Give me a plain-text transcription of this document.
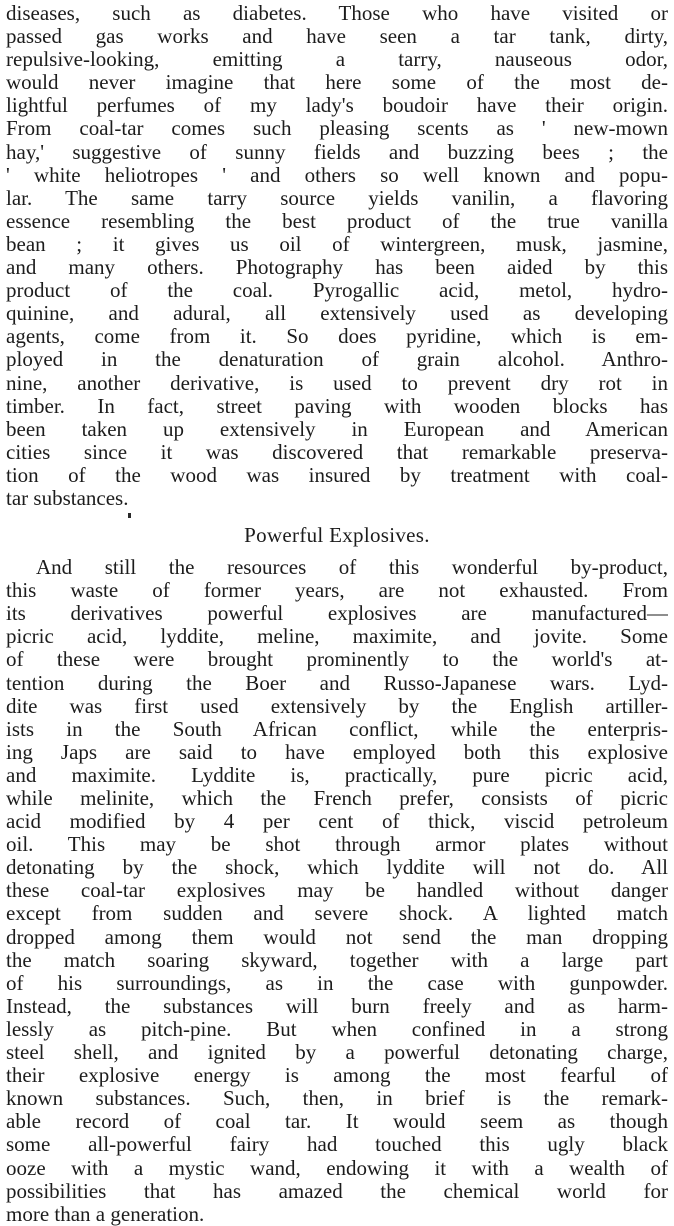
diseases, such as diabetes. Those who have visited or
passed gas works and have seen a tar tank, dirty,
repulsive-looking, emitting a tarry, nauseous odor,
would never imagine that here some of the most de-
lightful perfumes of my lady's boudoir have their origin.
From coal-tar comes such pleasing scents as ' new-mown
hay,' suggestive of sunny fields and buzzing bees ; the
' white heliotropes ' and others so well known and popu-
lar. The same tarry source yields vanilin, a flavoring
essence resembling the best product of the true vanilla
bean ; it gives us oil of wintergreen, musk, jasmine,
and many others. Photography has been aided by this
product of the coal. Pyrogallic acid, metol, hydro-
quinine, and adural, all extensively used as developing
agents, come from it. So does pyridine, which is em-
ployed in the denaturation of grain alcohol. Anthro-
nine, another derivative, is used to prevent dry rot in
timber. In fact, street paving with wooden blocks has
been taken up extensively in European and American
cities since it was discovered that remarkable preserva-
tion of the wood was insured by treatment with coal-
tar substances.
Powerful Explosives.
And still the resources of this wonderful by-product,
this waste of former years, are not exhausted. From
its derivatives powerful explosives are manufactured—
picric acid, lyddite, meline, maximite, and jovite. Some
of these were brought prominently to the world's at-
tention during the Boer and Russo-Japanese wars. Lyd-
dite was first used extensively by the English artiller-
ists in the South African conflict, while the enterpris-
ing Japs are said to have employed both this explosive
and maximite. Lyddite is, practically, pure picric acid,
while melinite, which the French prefer, consists of picric
acid modified by 4 per cent of thick, viscid petroleum
oil. This may be shot through armor plates without
detonating by the shock, which lyddite will not do. All
these coal-tar explosives may be handled without danger
except from sudden and severe shock. A lighted match
dropped among them would not send the man dropping
the match soaring skyward, together with a large part
of his surroundings, as in the case with gunpowder.
Instead, the substances will burn freely and as harm-
lessly as pitch-pine. But when confined in a strong
steel shell, and ignited by a powerful detonating charge,
their explosive energy is among the most fearful of
known substances. Such, then, in brief is the remark-
able record of coal tar. It would seem as though
some all-powerful fairy had touched this ugly black
ooze with a mystic wand, endowing it with a wealth of
possibilities that has amazed the chemical world for
more than a generation.
